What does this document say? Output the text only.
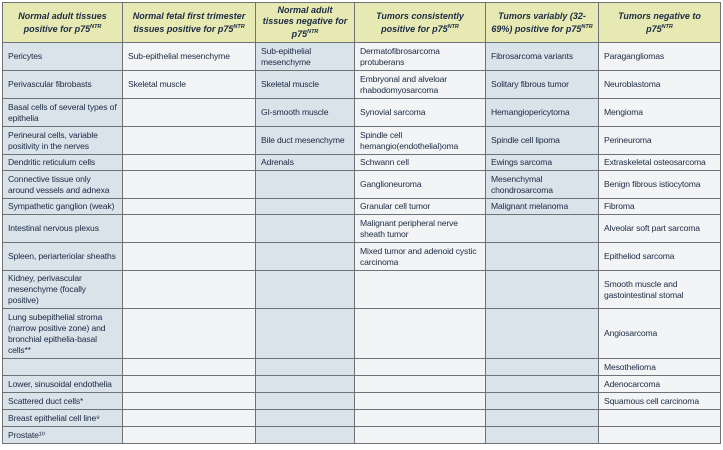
Normal adult tissues positive for $p75^{NTR}$	Normal fetal first trimester tissues positive for $p75^{NTR}$	Normal adult tissues negative for $p75^{NTR}$	Tumors consistently positive for $p75^{NTR}$	Tumors variably (32-69%) positive for $p75^{NTR}$	Tumors negative to $p75^{NTR}$
Pericytes	Sub-epithelial mesenchyme	Sub-epithelial mesenchyme	Dermatofibrosarcoma protuberans	Fibrosarcoma variants	Paragangliomas
Perivascular fibrobasts	Skeletal muscle	Skeletal muscle	Embryonal and alveloar rhabodomyosarcoma	Solitary fibrous tumor	Neuroblastoma
Basal cells of several types of epithelia		GI-smooth muscle	Synovial sarcoma	Hemangiopericytoma	Mengioma
Perineural cells, variable positivity in the nerves		Bile duct mesenchyme	Spindle cell hemangio(endothelial)oma	Spindle cell lipoma	Perineuroma
Dendritic reticulum cells		Adrenals	Schwann cell	Ewings sarcoma	Extraskeletal osteosarcoma
Connective tissue only around vessels and adnexa			Ganglioneuroma	Mesenchymal chondrosarcoma	Benign fibrous istiocytoma
Sympathetic ganglion (weak)			Granular cell tumor	Malignant melanoma	Fibroma
Intestinal nervous plexus			Malignant peripheral nerve sheath tumor		Alveolar soft part sarcoma
Spleen, periarteriolar sheaths			Mixed tumor and adenoid cystic carcinoma		Epitheliod sarcoma
Kidney, perivascular mesenchyme (focally positive)					Smooth muscle and gastointestinal stomal
Lung subepithelial stroma (narrow positive zone) and bronchial epithelia-basal cells**					Angiosarcoma
					Mesothelioma
Lower, sinusoidal endothelia					Adenocarcoma
Scattered duct cells*					Squamous cell carcinoma
Breast epithelial cell line⁹					
Prostate¹⁰					
